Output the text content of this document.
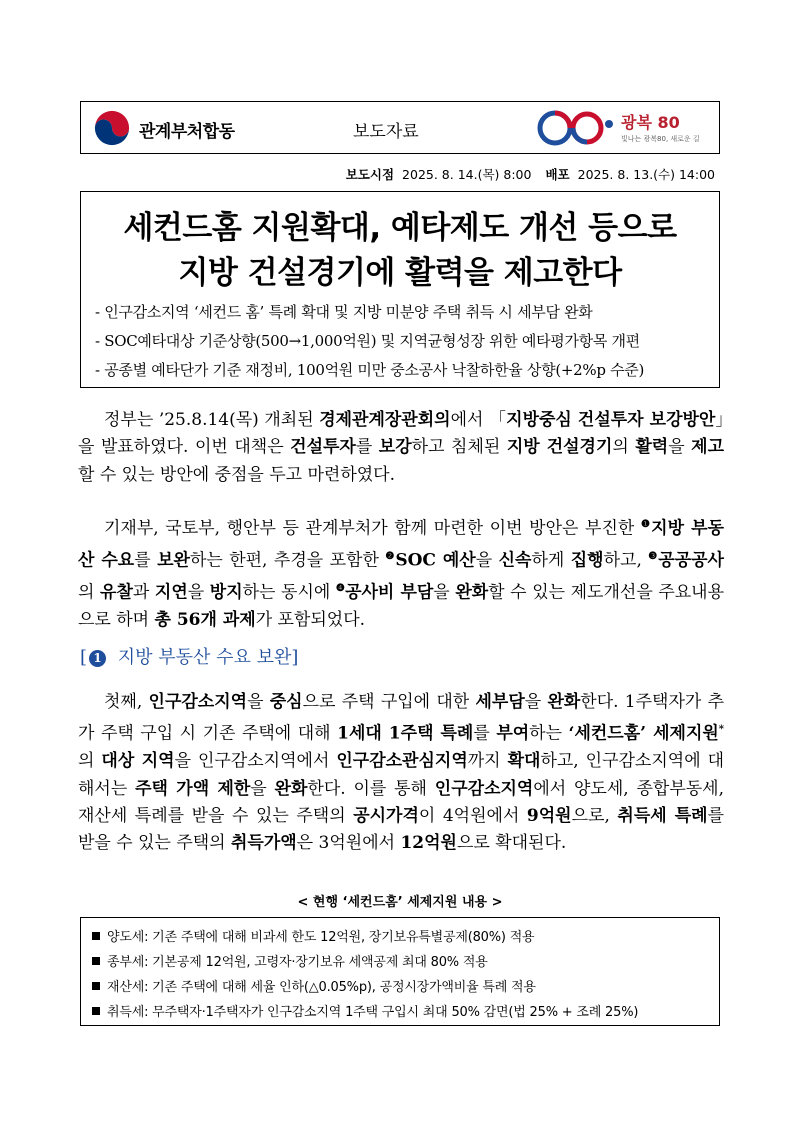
관계부처합동	보도자료	광복 80
빛나는 광복80, 새로운 길
보도시점 2025. 8. 14.(목) 8:00 배포 2025. 8. 13.(수) 14:00
세컨드홈 지원확대, 예타제도 개선 등으로
지방 건설경기에 활력을 제고한다
- 인구감소지역 ‘세컨드 홈’ 특례 확대 및 지방 미분양 주택 취득 시 세부담 완화
- SOC예타대상 기준상향(500→1,000억원) 및 지역균형성장 위한 예타평가항목 개편
- 공종별 예타단가 기준 재정비, 100억원 미만 중소공사 낙찰하한율 상향(+2%p 수준)
정부는 ’25.8.14(목) 개최된 경제관계장관회의에서 「지방중심 건설투자 보강방안」을 발표하였다. 이번 대책은 건설투자를 보강하고 침체된 지방 건설경기의 활력을 제고할 수 있는 방안에 중점을 두고 마련하였다.
기재부, 국토부, 행안부 등 관계부처가 함께 마련한 이번 방안은 부진한 $^❶$지방 부동산 수요를 보완하는 한편, 추경을 포함한 $^❷$SOC 예산을 신속하게 집행하고, $^❸$공공공사의 유찰과 지연을 방지하는 동시에 $^❹$공사비 부담을 완화할 수 있는 제도개선을 주요내용으로 하며 총 56개 과제가 포함되었다.
[ 1 지방 부동산 수요 보완]
첫째, 인구감소지역을 중심으로 주택 구입에 대한 세부담을 완화한다. 1주택자가 추가 주택 구입 시 기존 주택에 대해 1세대 1주택 특례를 부여하는 ‘세컨드홈’ 세제지원*의 대상 지역을 인구감소지역에서 인구감소관심지역까지 확대하고, 인구감소지역에 대해서는 주택 가액 제한을 완화한다. 이를 통해 인구감소지역에서 양도세, 종합부동세, 재산세 특례를 받을 수 있는 주택의 공시가격이 4억원에서 9억원으로, 취득세 특례를 받을 수 있는 주택의 취득가액은 3억원에서 12억원으로 확대된다.
< 현행 ‘세컨드홈’ 세제지원 내용 >
양도세: 기존 주택에 대해 비과세 한도 12억원, 장기보유특별공제(80%) 적용
종부세: 기본공제 12억원, 고령자·장기보유 세액공제 최대 80% 적용
재산세: 기존 주택에 대해 세율 인하(△0.05%p), 공정시장가액비율 특례 적용
취득세: 무주택자·1주택자가 인구감소지역 1주택 구입시 최대 50% 감면(법 25% + 조례 25%)
